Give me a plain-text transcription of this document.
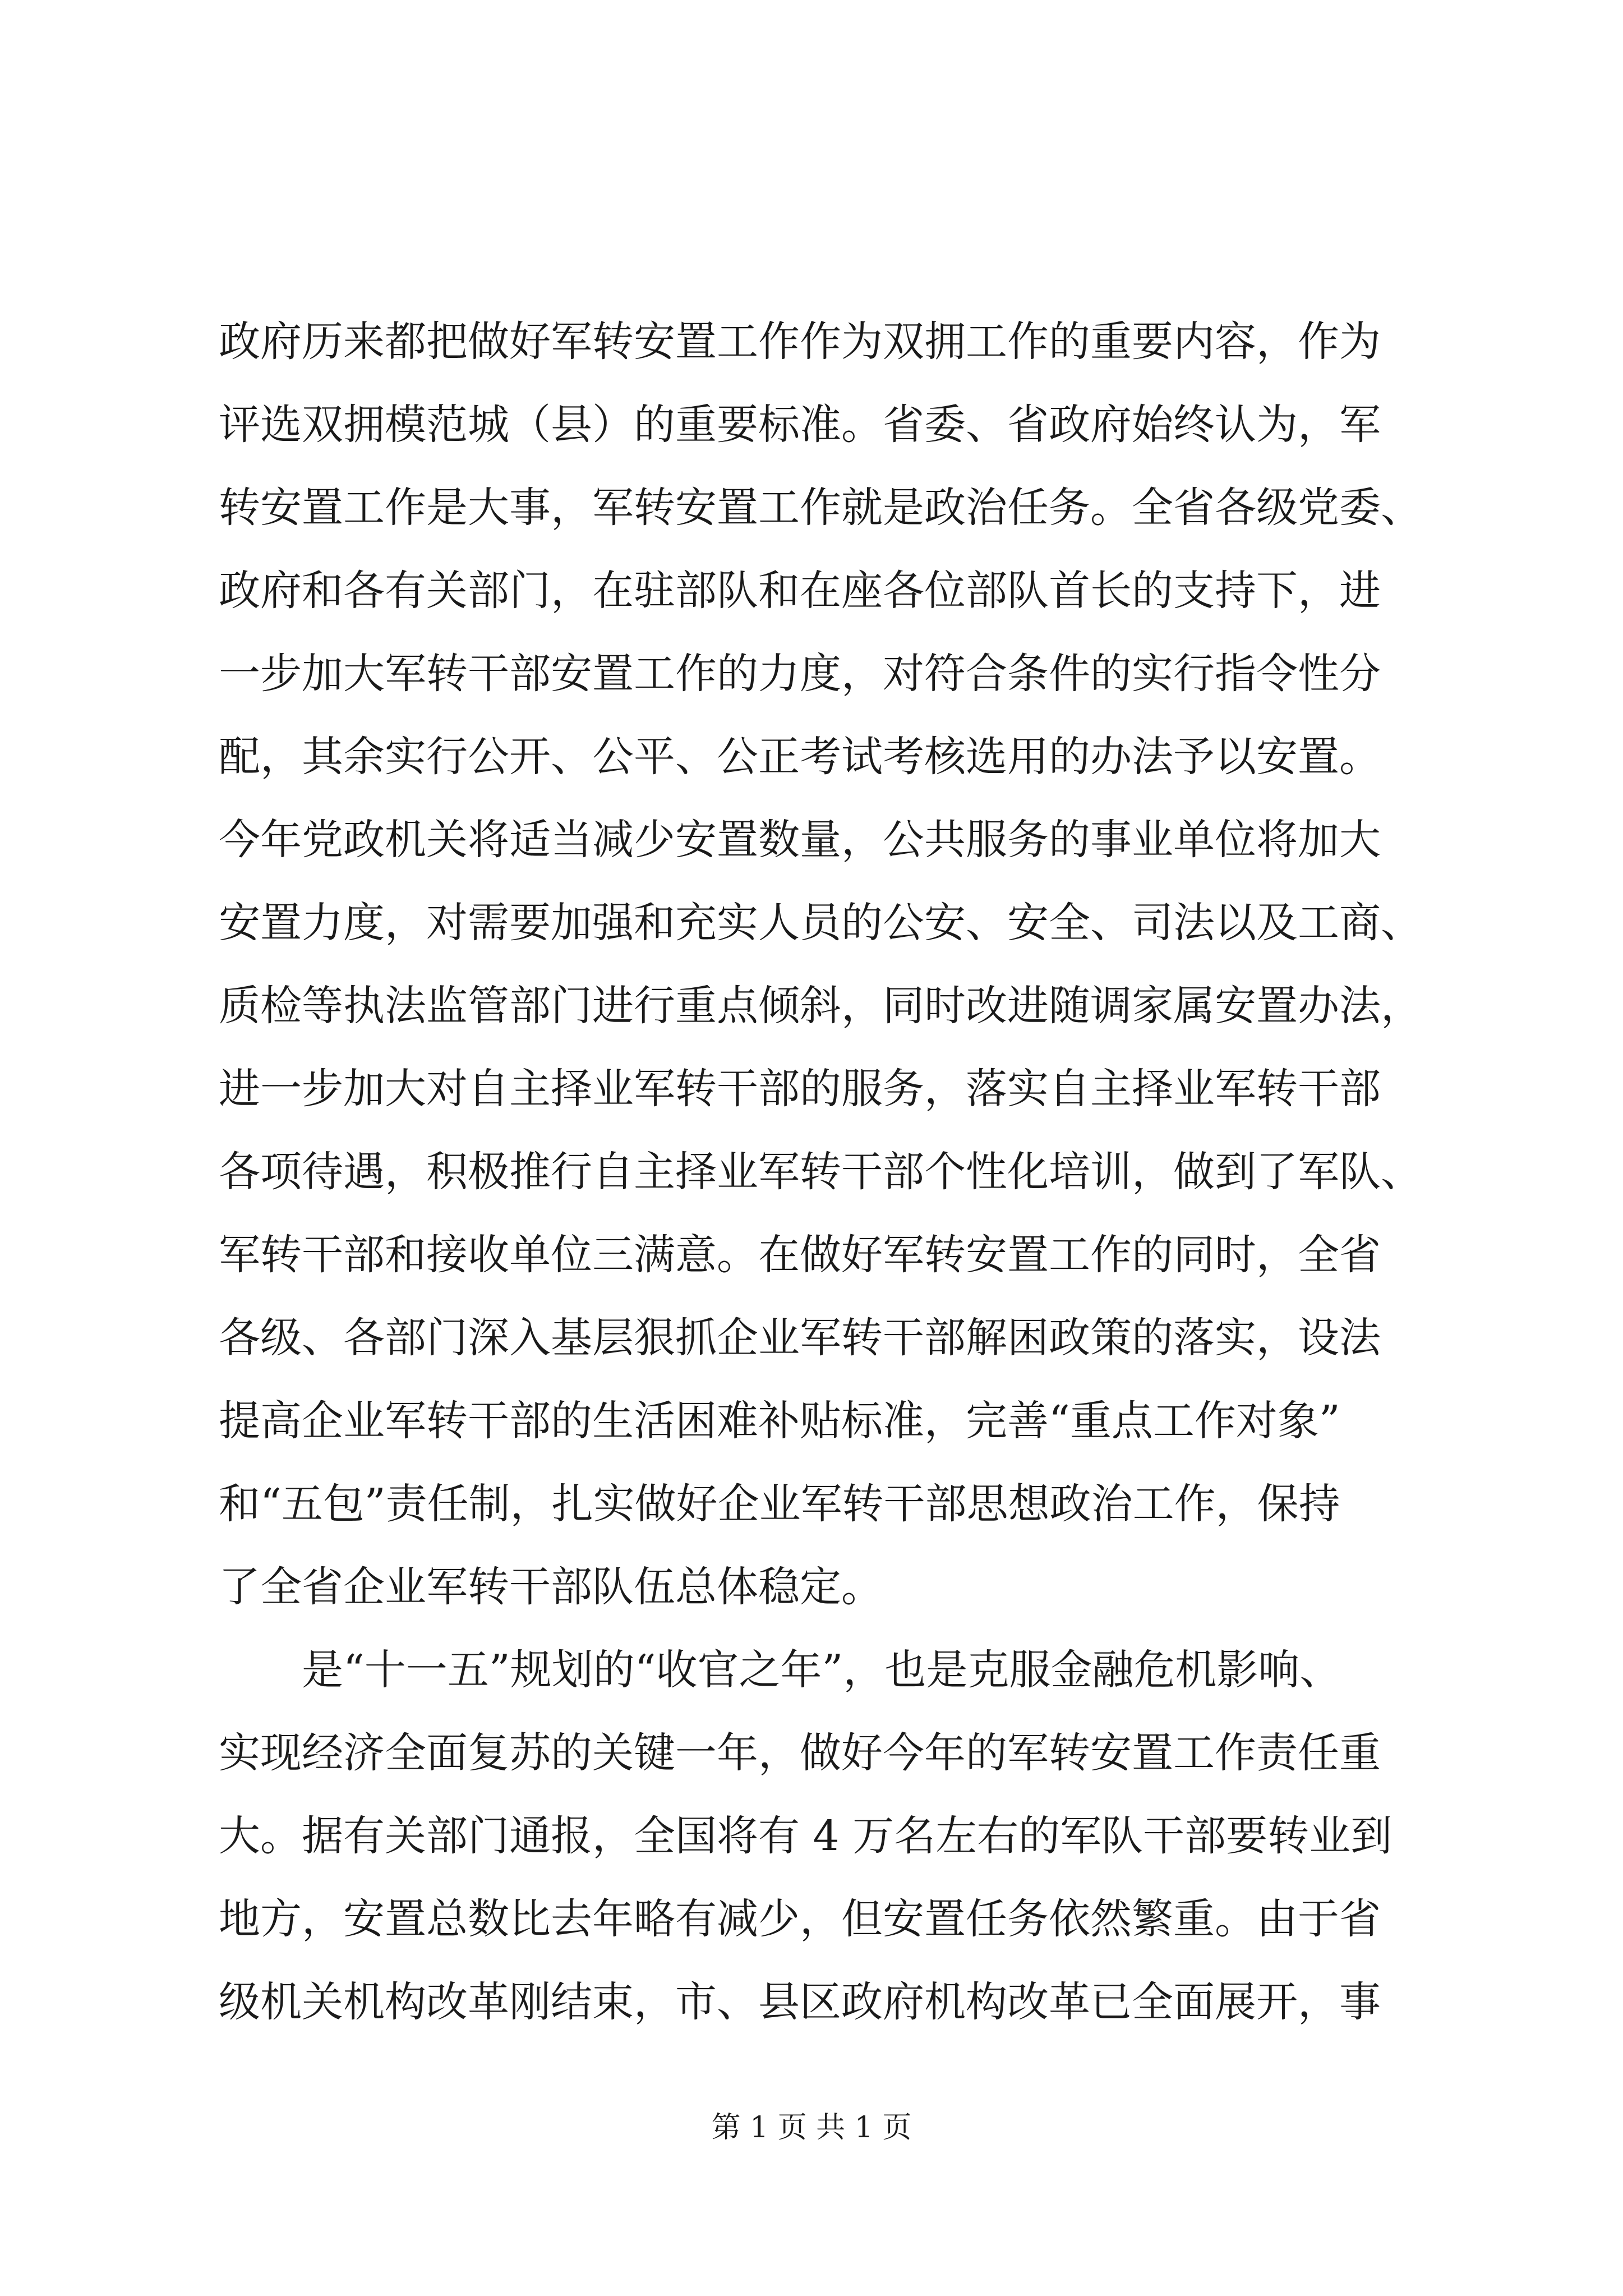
政府历来都把做好军转安置工作作为双拥工作的重要内容，作为
评选双拥模范城（县）的重要标准。省委、省政府始终认为，军
转安置工作是大事，军转安置工作就是政治任务。全省各级党委、
政府和各有关部门，在驻部队和在座各位部队首长的支持下，进
一步加大军转干部安置工作的力度，对符合条件的实行指令性分
配，其余实行公开、公平、公正考试考核选用的办法予以安置。
今年党政机关将适当减少安置数量，公共服务的事业单位将加大
安置力度，对需要加强和充实人员的公安、安全、司法以及工商、
质检等执法监管部门进行重点倾斜，同时改进随调家属安置办法，
进一步加大对自主择业军转干部的服务，落实自主择业军转干部
各项待遇，积极推行自主择业军转干部个性化培训，做到了军队、
军转干部和接收单位三满意。在做好军转安置工作的同时，全省
各级、各部门深入基层狠抓企业军转干部解困政策的落实，设法
提高企业军转干部的生活困难补贴标准，完善“重点工作对象”
和“五包”责任制，扎实做好企业军转干部思想政治工作，保持
了全省企业军转干部队伍总体稳定。
是“十一五”规划的“收官之年”，也是克服金融危机影响、
实现经济全面复苏的关键一年，做好今年的军转安置工作责任重
大。据有关部门通报，全国将有 4 万名左右的军队干部要转业到
地方，安置总数比去年略有减少，但安置任务依然繁重。由于省
级机关机构改革刚结束，市、县区政府机构改革已全面展开，事
第 1 页 共 1 页
